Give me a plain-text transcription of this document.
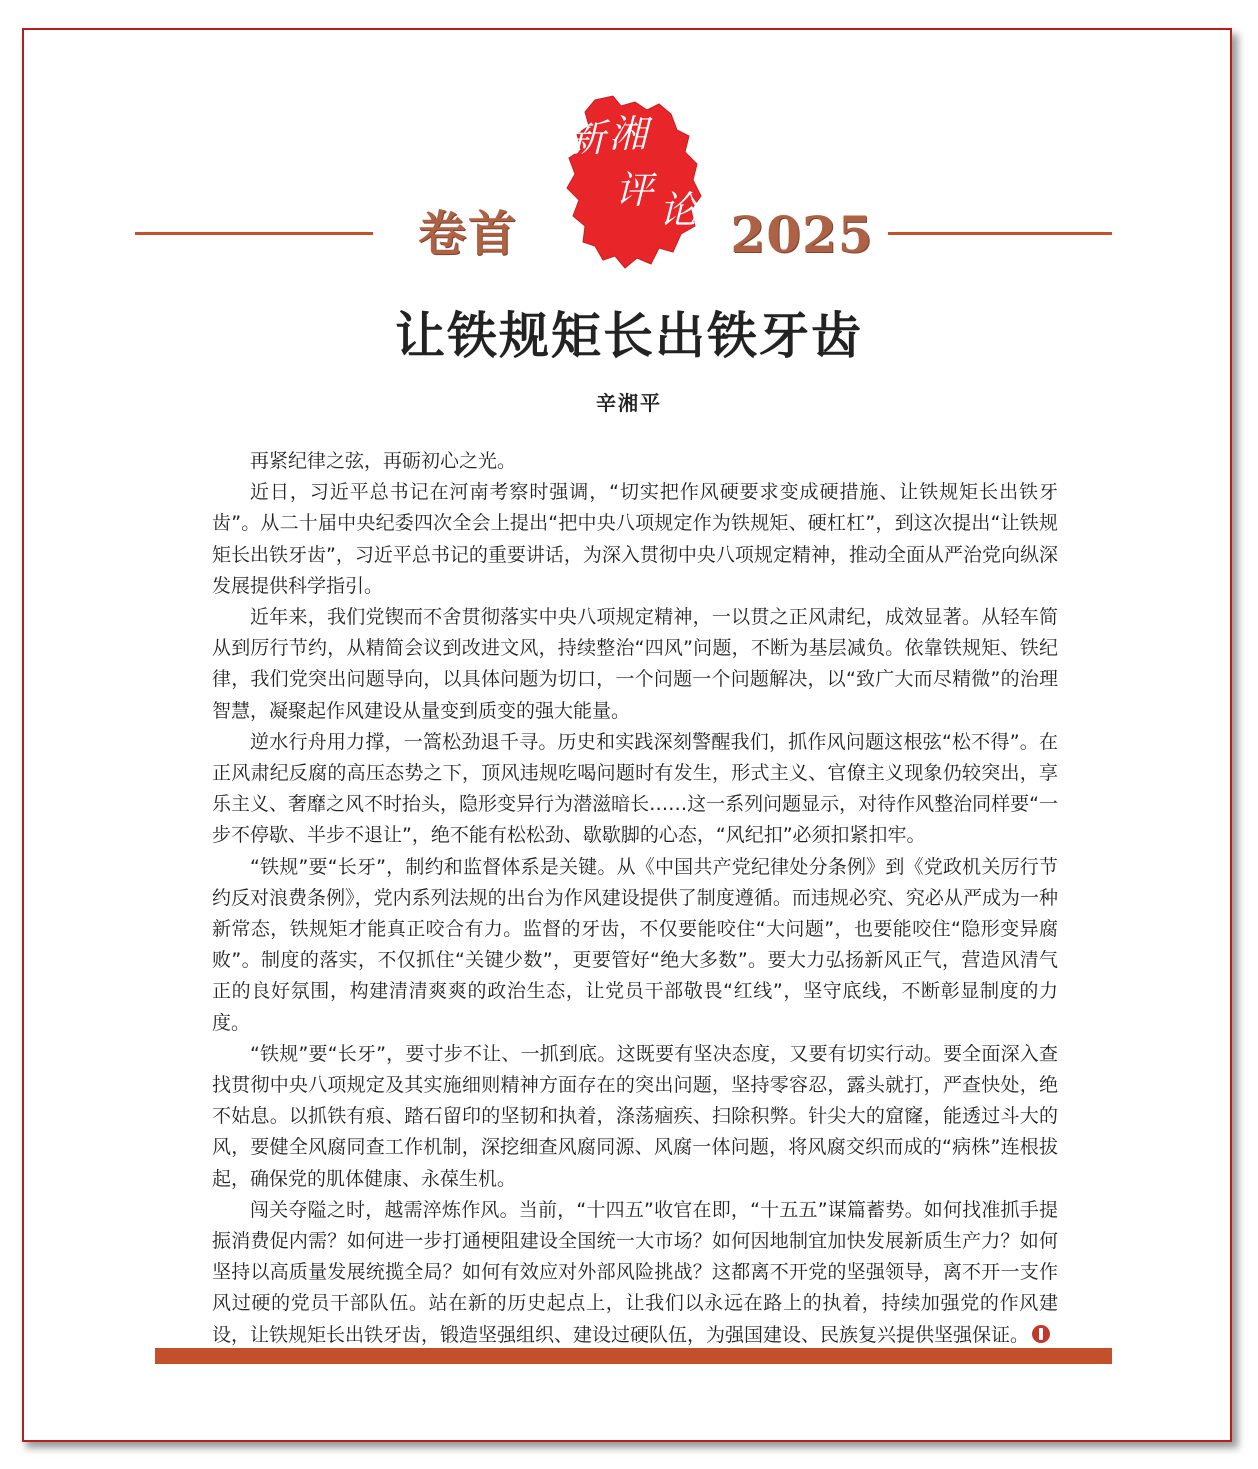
卷首
新 湘
评 论 2025
让铁规矩长出铁牙齿
辛湘平

再紧纪律之弦，再砺初心之光。

近日，习近平总书记在河南考察时强调，“切实把作风硬要求变成硬措施、让铁规矩长出铁牙齿”。从二十届中央纪委四次全会上提出“把中央八项规定作为铁规矩、硬杠杠”，到这次提出“让铁规矩长出铁牙齿”，习近平总书记的重要讲话，为深入贯彻中央八项规定精神，推动全面从严治党向纵深发展提供科学指引。

近年来，我们党锲而不舍贯彻落实中央八项规定精神，一以贯之正风肃纪，成效显著。从轻车简从到厉行节约，从精简会议到改进文风，持续整治“四风”问题，不断为基层减负。依靠铁规矩、铁纪律，我们党突出问题导向，以具体问题为切口，一个问题一个问题解决，以“致广大而尽精微”的治理智慧，凝聚起作风建设从量变到质变的强大能量。

逆水行舟用力撑，一篙松劲退千寻。历史和实践深刻警醒我们，抓作风问题这根弦“松不得”。在正风肃纪反腐的高压态势之下，顶风违规吃喝问题时有发生，形式主义、官僚主义现象仍较突出，享乐主义、奢靡之风不时抬头，隐形变异行为潜滋暗长……这一系列问题显示，对待作风整治同样要“一步不停歇、半步不退让”，绝不能有松松劲、歇歇脚的心态，“风纪扣”必须扣紧扣牢。

“铁规”要“长牙”，制约和监督体系是关键。从《中国共产党纪律处分条例》到《党政机关厉行节约反对浪费条例》，党内系列法规的出台为作风建设提供了制度遵循。而违规必究、究必从严成为一种新常态，铁规矩才能真正咬合有力。监督的牙齿，不仅要能咬住“大问题”，也要能咬住“隐形变异腐败”。制度的落实，不仅抓住“关键少数”，更要管好“绝大多数”。要大力弘扬新风正气，营造风清气正的良好氛围，构建清清爽爽的政治生态，让党员干部敬畏“红线”，坚守底线，不断彰显制度的力度。

“铁规”要“长牙”，要寸步不让、一抓到底。这既要有坚决态度，又要有切实行动。要全面深入查找贯彻中央八项规定及其实施细则精神方面存在的突出问题，坚持零容忍，露头就打，严查快处，绝不姑息。以抓铁有痕、踏石留印的坚韧和执着，涤荡痼疾、扫除积弊。针尖大的窟窿，能透过斗大的风，要健全风腐同查工作机制，深挖细查风腐同源、风腐一体问题，将风腐交织而成的“病株”连根拔起，确保党的肌体健康、永葆生机。

闯关夺隘之时，越需淬炼作风。当前，“十四五”收官在即，“十五五”谋篇蓄势。如何找准抓手提振消费促内需？如何进一步打通梗阻建设全国统一大市场？如何因地制宜加快发展新质生产力？如何坚持以高质量发展统揽全局？如何有效应对外部风险挑战？这都离不开党的坚强领导，离不开一支作风过硬的党员干部队伍。站在新的历史起点上，让我们以永远在路上的执着，持续加强党的作风建设，让铁规矩长出铁牙齿，锻造坚强组织、建设过硬队伍，为强国建设、民族复兴提供坚强保证。
